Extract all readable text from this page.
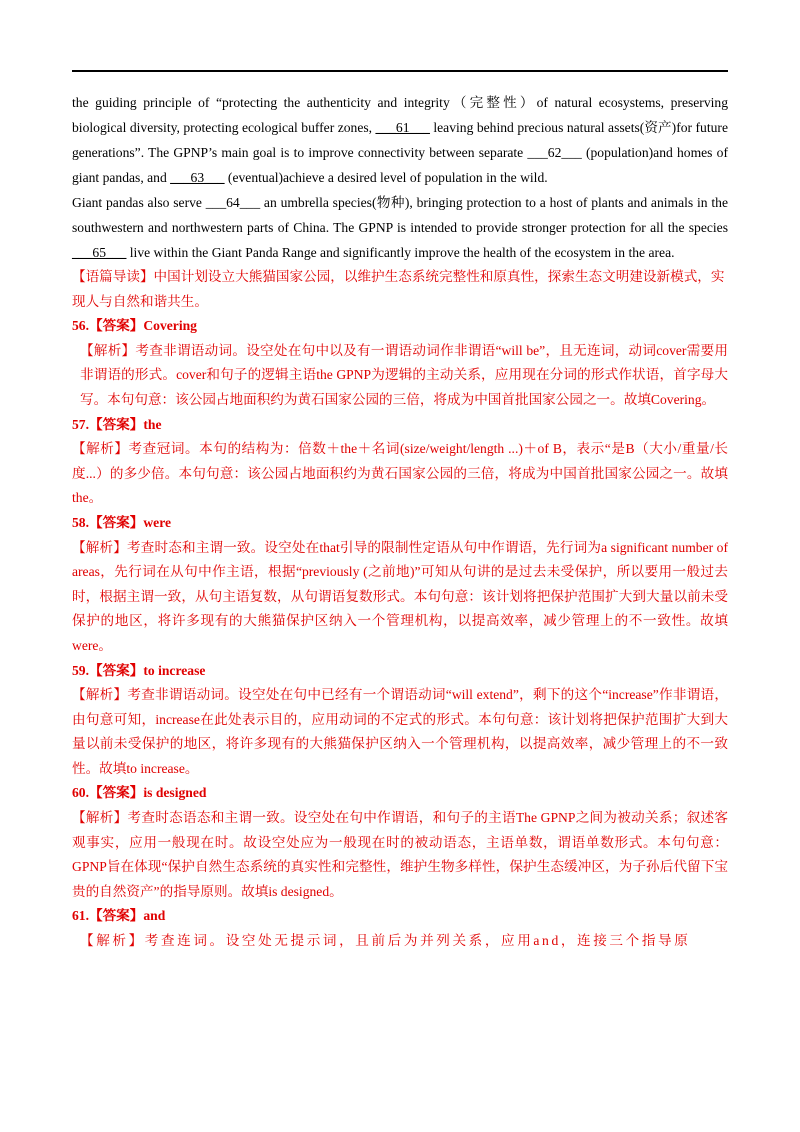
the guiding principle of “protecting the authenticity and integrity（完整性）of natural ecosystems, preserving biological diversity, protecting ecological buffer zones, ___61___ leaving behind precious natural assets(资产)for future generations”. The GPNP’s main goal is to improve connectivity between separate ___62___ (population)and homes of giant pandas, and ___63___ (eventual)achieve a desired level of population in the wild.

Giant pandas also serve ___64___ an umbrella species(物种), bringing protection to a host of plants and animals in the southwestern and northwestern parts of China. The GPNP is intended to provide stronger protection for all the species ___65___ live within the Giant Panda Range and significantly improve the health of the ecosystem in the area.

【语篇导读】中国计划设立大熊猫国家公园，以维护生态系统完整性和原真性，探索生态文明建设新模式，实现人与自然和谐共生。

56.【答案】Covering

【解析】考查非谓语动词。设空处在句中以及有一谓语动词作非谓语“will be”，且无连词，动词cover需要用非谓语的形式。cover和句子的逻辑主语the GPNP为逻辑的主动关系，应用现在分词的形式作状语，首字母大写。本句句意：该公园占地面积约为黄石国家公园的三倍，将成为中国首批国家公园之一。故填Covering。

57.【答案】the

【解析】考查冠词。本句的结构为：倍数＋the＋名词(size/weight/length ...)＋of B，表示“是B（大小/重量/长度...）的多少倍。本句句意：该公园占地面积约为黄石国家公园的三倍，将成为中国首批国家公园之一。故填the。

58.【答案】were

【解析】考查时态和主谓一致。设空处在that引导的限制性定语从句中作谓语，先行词为a significant number of areas，先行词在从句中作主语，根据“previously (之前地)”可知从句讲的是过去未受保护，所以要用一般过去时，根据主谓一致，从句主语复数，从句谓语复数形式。本句句意：该计划将把保护范围扩大到大量以前未受保护的地区，将许多现有的大熊猫保护区纳入一个管理机构，以提高效率，减少管理上的不一致性。故填were。

59.【答案】to increase

【解析】考查非谓语动词。设空处在句中已经有一个谓语动词“will extend”，剩下的这个“increase”作非谓语，由句意可知，increase在此处表示目的，应用动词的不定式的形式。本句句意：该计划将把保护范围扩大到大量以前未受保护的地区，将许多现有的大熊猫保护区纳入一个管理机构，以提高效率，减少管理上的不一致性。故填to increase。

60.【答案】is designed

【解析】考查时态语态和主谓一致。设空处在句中作谓语，和句子的主语The GPNP之间为被动关系；叙述客观事实，应用一般现在时。故设空处应为一般现在时的被动语态，主语单数，谓语单数形式。本句句意：GPNP旨在体现“保护自然生态系统的真实性和完整性，维护生物多样性，保护生态缓冲区，为子孙后代留下宝贵的自然资产”的指导原则。故填is designed。

61.【答案】and

【解析】考查连词。设空处无提示词，且前后为并列关系，应用and，连接三个指导原
